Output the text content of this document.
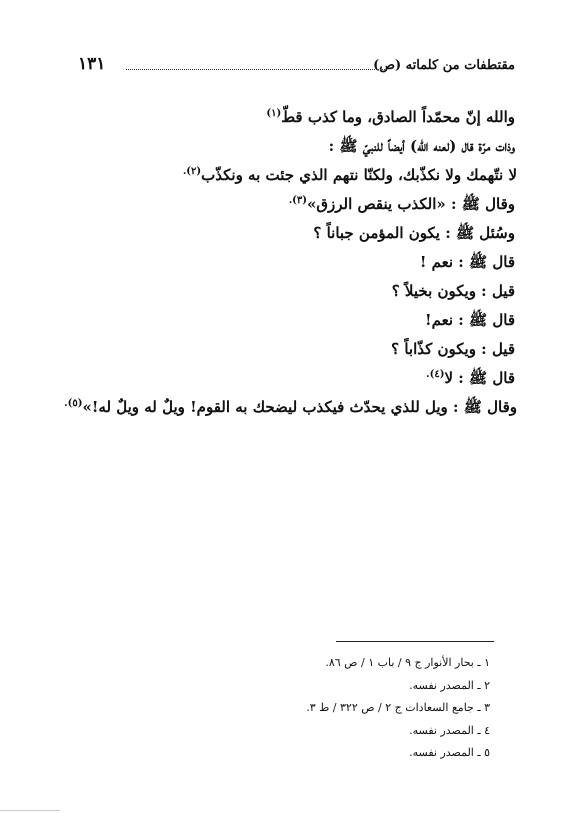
مقتطفات من كلماته (ص)
١٣١
والله إنّ محمّداً الصادق، وما كذب قطّ$^{(١)}$
وذات مرّة قال (لعنه الله) أيضاً للنبيّ ﷺ :
لا نتّهمك ولا نكذّبك، ولكنّا نتهم الذي جئت به ونكذّب$^{(٢).}$
وقال ﷺ : «الكذب ينقص الرزق»$^{(٣).}$
وسُئل ﷺ : يكون المؤمن جباناً ؟
قال ﷺ : نعم !
قيل : ويكون بخيلاً ؟
قال ﷺ : نعم!
قيل : ويكون كذّاباً ؟
قال ﷺ : لا$^{(٤).}$
وقال ﷺ : ويل للذي يحدّث فيكذب ليضحك به القوم! ويلٌ له ويلٌ له!»$^{(٥).}$
١ ـ بحار الأنوار ج ٩ / باب ١ / ص ٨٦.
٢ ـ المصدر نفسه.
٣ ـ جامع السعادات ج ٢ / ص ٣٢٢ / ط ٣.
٤ ـ المصدر نفسه.
٥ ـ المصدر نفسه.
